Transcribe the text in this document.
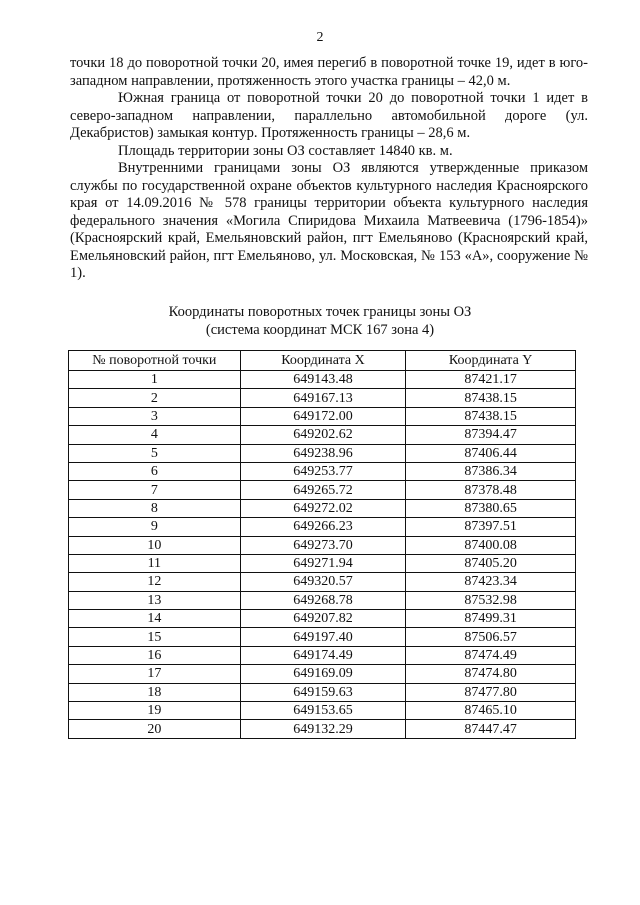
2

точки 18 до поворотной точки 20, имея перегиб в поворотной точке 19, идет в юго-западном направлении, протяженность этого участка границы – 42,0 м.

Южная граница от поворотной точки 20 до поворотной точки 1 идет в северо-западном направлении, параллельно автомобильной дороге (ул. Декабристов) замыкая контур. Протяженность границы – 28,6 м.

Площадь территории зоны ОЗ составляет 14840 кв. м.

Внутренними границами зоны ОЗ являются утвержденные приказом службы по государственной охране объектов культурного наследия Красноярского края от 14.09.2016 № 578 границы территории объекта культурного наследия федерального значения «Могила Спиридова Михаила Матвеевича (1796-1854)» (Красноярский край, Емельяновский район, пгт Емельяново (Красноярский край, Емельяновский район, пгт Емельяново, ул. Московская, № 153 «А», сооружение № 1).

Координаты поворотных точек границы зоны ОЗ
(система координат МСК 167 зона 4)
№ поворотной точки	Координата X	Координата Y
1	649143.48	87421.17
2	649167.13	87438.15
3	649172.00	87438.15
4	649202.62	87394.47
5	649238.96	87406.44
6	649253.77	87386.34
7	649265.72	87378.48
8	649272.02	87380.65
9	649266.23	87397.51
10	649273.70	87400.08
11	649271.94	87405.20
12	649320.57	87423.34
13	649268.78	87532.98
14	649207.82	87499.31
15	649197.40	87506.57
16	649174.49	87474.49
17	649169.09	87474.80
18	649159.63	87477.80
19	649153.65	87465.10
20	649132.29	87447.47
